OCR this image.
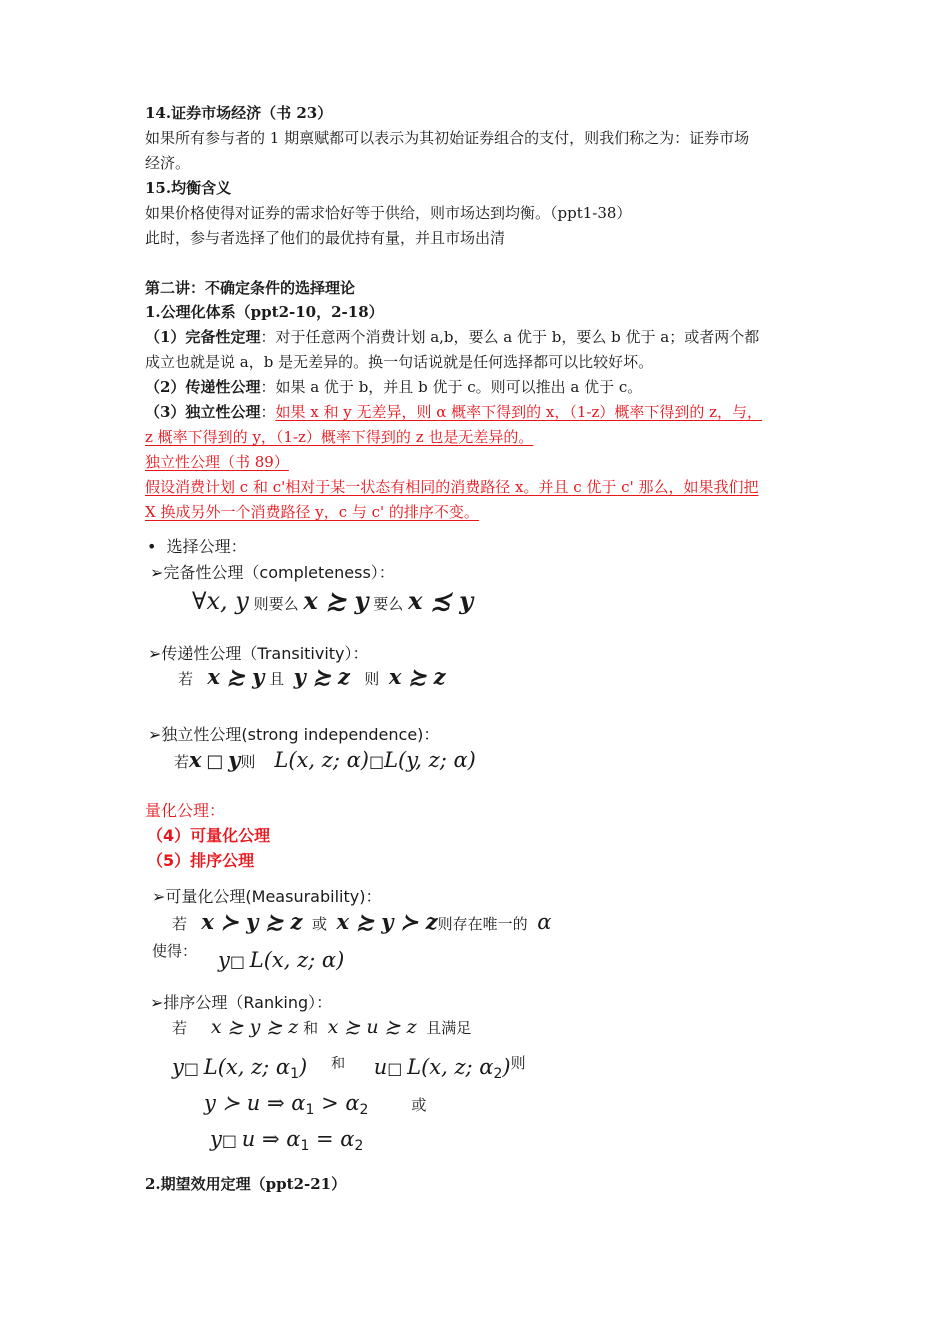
14.证券市场经济（书 23）
如果所有参与者的 1 期禀赋都可以表示为其初始证券组合的支付，则我们称之为：证券市场
经济。
15.均衡含义
如果价格使得对证券的需求恰好等于供给，则市场达到均衡。（ppt1-38）
此时，参与者选择了他们的最优持有量，并且市场出清
第二讲：不确定条件的选择理论
1.公理化体系（ppt2-10，2-18）
（1）完备性定理：对于任意两个消费计划 a,b，要么 a 优于 b，要么 b 优于 a；或者两个都
成立也就是说 a，b 是无差异的。换一句话说就是任何选择都可以比较好坏。
（2）传递性公理：如果 a 优于 b，并且 b 优于 c。则可以推出 a 优于 c。
（3）独立性公理：如果 x 和 y 无差异，则 α 概率下得到的 x，（1-z）概率下得到的 z，与，
z 概率下得到的 y，（1-z）概率下得到的 z 也是无差异的。
独立性公理（书 89）
假设消费计划 c 和 c'相对于某一状态有相同的消费路径 x。并且 c 优于 c' 那么，如果我们把
X 换成另外一个消费路径 y，c 与 c' 的排序不变。
• 选择公理：
➢完备性公理（completeness）：
∀x, y 则要么 x ≿ y 要么 x ≾ y
➢传递性公理（Transitivity）：
若 x ≿ y 且 y ≿ z 则 x ≿ z
➢独立性公理(strong independence)：
若x □ y则 L(x, z; α)□L(y, z; α)
量化公理：
（4）可量化公理
（5）排序公理
➢可量化公理(Measurability)：
若 x ≻ y ≿ z 或 x ≿ y ≻ z则存在唯一的 α
使得： y□ L(x, z; α)
➢排序公理（Ranking）：
若 x ≿ y ≿ z 和 x ≿ u ≿ z 且满足
y□ L(x, z; $\alpha_1$) 和 u□ L(x, z; $\alpha_2$)则
y ≻ u ⇒ $\alpha_1 > \alpha_2$	或
y□ u ⇒ $\alpha_1 = \alpha_2$
2.期望效用定理（ppt2-21）
